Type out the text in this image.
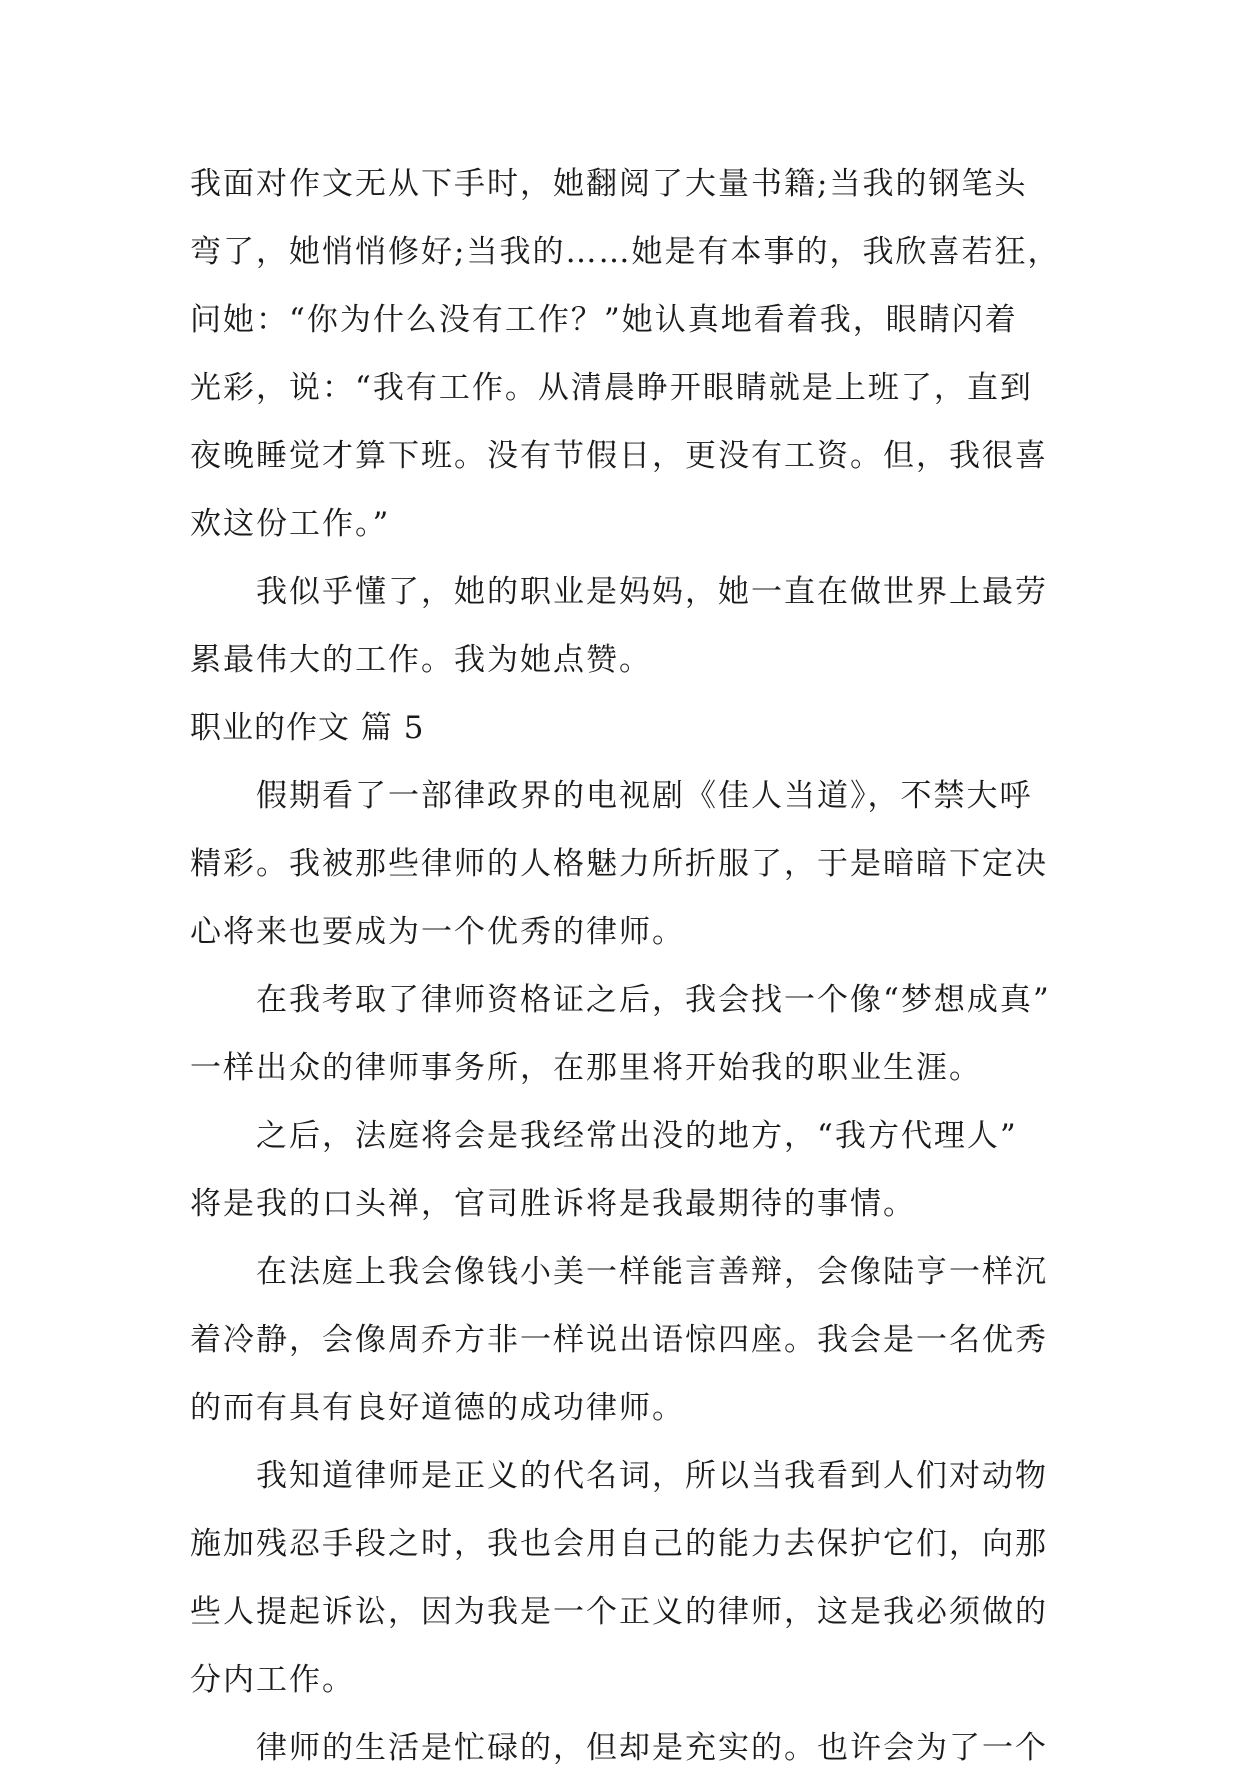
我面对作文无从下手时，她翻阅了大量书籍;当我的钢笔头
弯了，她悄悄修好;当我的……她是有本事的，我欣喜若狂，
问她：“你为什么没有工作？”她认真地看着我，眼睛闪着
光彩，说：“我有工作。从清晨睁开眼睛就是上班了，直到
夜晚睡觉才算下班。没有节假日，更没有工资。但，我很喜
欢这份工作。”
我似乎懂了，她的职业是妈妈，她一直在做世界上最劳
累最伟大的工作。我为她点赞。
职业的作文 篇 5
假期看了一部律政界的电视剧《佳人当道》，不禁大呼
精彩。我被那些律师的人格魅力所折服了，于是暗暗下定决
心将来也要成为一个优秀的律师。
在我考取了律师资格证之后，我会找一个像“梦想成真”
一样出众的律师事务所，在那里将开始我的职业生涯。
之后，法庭将会是我经常出没的地方，“我方代理人”
将是我的口头禅，官司胜诉将是我最期待的事情。
在法庭上我会像钱小美一样能言善辩，会像陆亨一样沉
着冷静，会像周乔方非一样说出语惊四座。我会是一名优秀
的而有具有良好道德的成功律师。
我知道律师是正义的代名词，所以当我看到人们对动物
施加残忍手段之时，我也会用自己的能力去保护它们，向那
些人提起诉讼，因为我是一个正义的律师，这是我必须做的
分内工作。
律师的生活是忙碌的，但却是充实的。也许会为了一个
